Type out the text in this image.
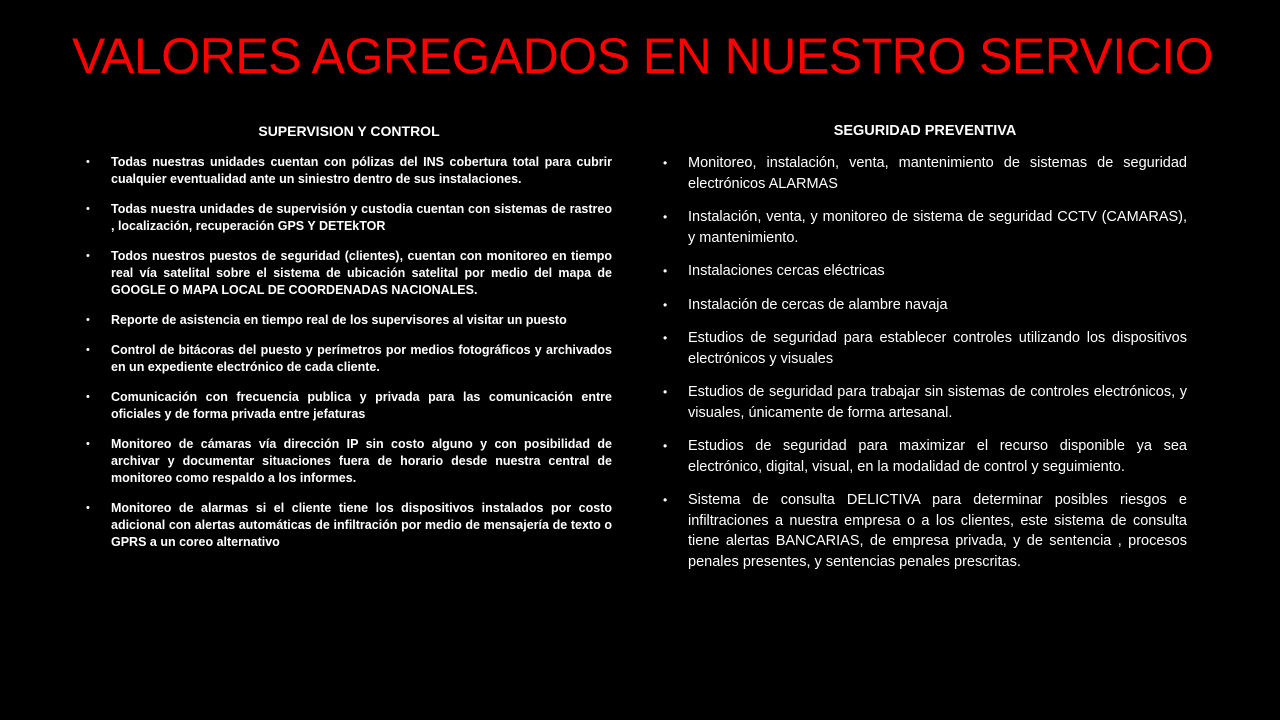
VALORES AGREGADOS EN NUESTRO SERVICIO
SUPERVISION Y CONTROL
• Todas nuestras unidades cuentan con pólizas del INS cobertura total para cubrir cualquier eventualidad ante un siniestro dentro de sus instalaciones.
• Todas nuestra unidades de supervisión y custodia cuentan con sistemas de rastreo , localización, recuperación GPS Y DETEkTOR
• Todos nuestros puestos de seguridad (clientes), cuentan con monitoreo en tiempo real vía satelital sobre el sistema de ubicación satelital por medio del mapa de GOOGLE O MAPA LOCAL DE COORDENADAS NACIONALES.
• Reporte de asistencia en tiempo real de los supervisores al visitar un puesto
• Control de bitácoras del puesto y perímetros por medios fotográficos y archivados en un expediente electrónico de cada cliente.
• Comunicación con frecuencia publica y privada para las comunicación entre oficiales y de forma privada entre jefaturas
• Monitoreo de cámaras vía dirección IP sin costo alguno y con posibilidad de archivar y documentar situaciones fuera de horario desde nuestra central de monitoreo como respaldo a los informes.
• Monitoreo de alarmas si el cliente tiene los dispositivos instalados por costo adicional con alertas automáticas de infiltración por medio de mensajería de texto o GPRS a un coreo alternativo
SEGURIDAD PREVENTIVA
• Monitoreo, instalación, venta, mantenimiento de sistemas de seguridad electrónicos ALARMAS
• Instalación, venta, y monitoreo de sistema de seguridad CCTV (CAMARAS), y mantenimiento.
• Instalaciones cercas eléctricas
• Instalación de cercas de alambre navaja
• Estudios de seguridad para establecer controles utilizando los dispositivos electrónicos y visuales
• Estudios de seguridad para trabajar sin sistemas de controles electrónicos, y visuales, únicamente de forma artesanal.
• Estudios de seguridad para maximizar el recurso disponible ya sea electrónico, digital, visual, en la modalidad de control y seguimiento.
• Sistema de consulta DELICTIVA para determinar posibles riesgos e infiltraciones a nuestra empresa o a los clientes, este sistema de consulta tiene alertas BANCARIAS, de empresa privada, y de sentencia , procesos penales presentes, y sentencias penales prescritas.
